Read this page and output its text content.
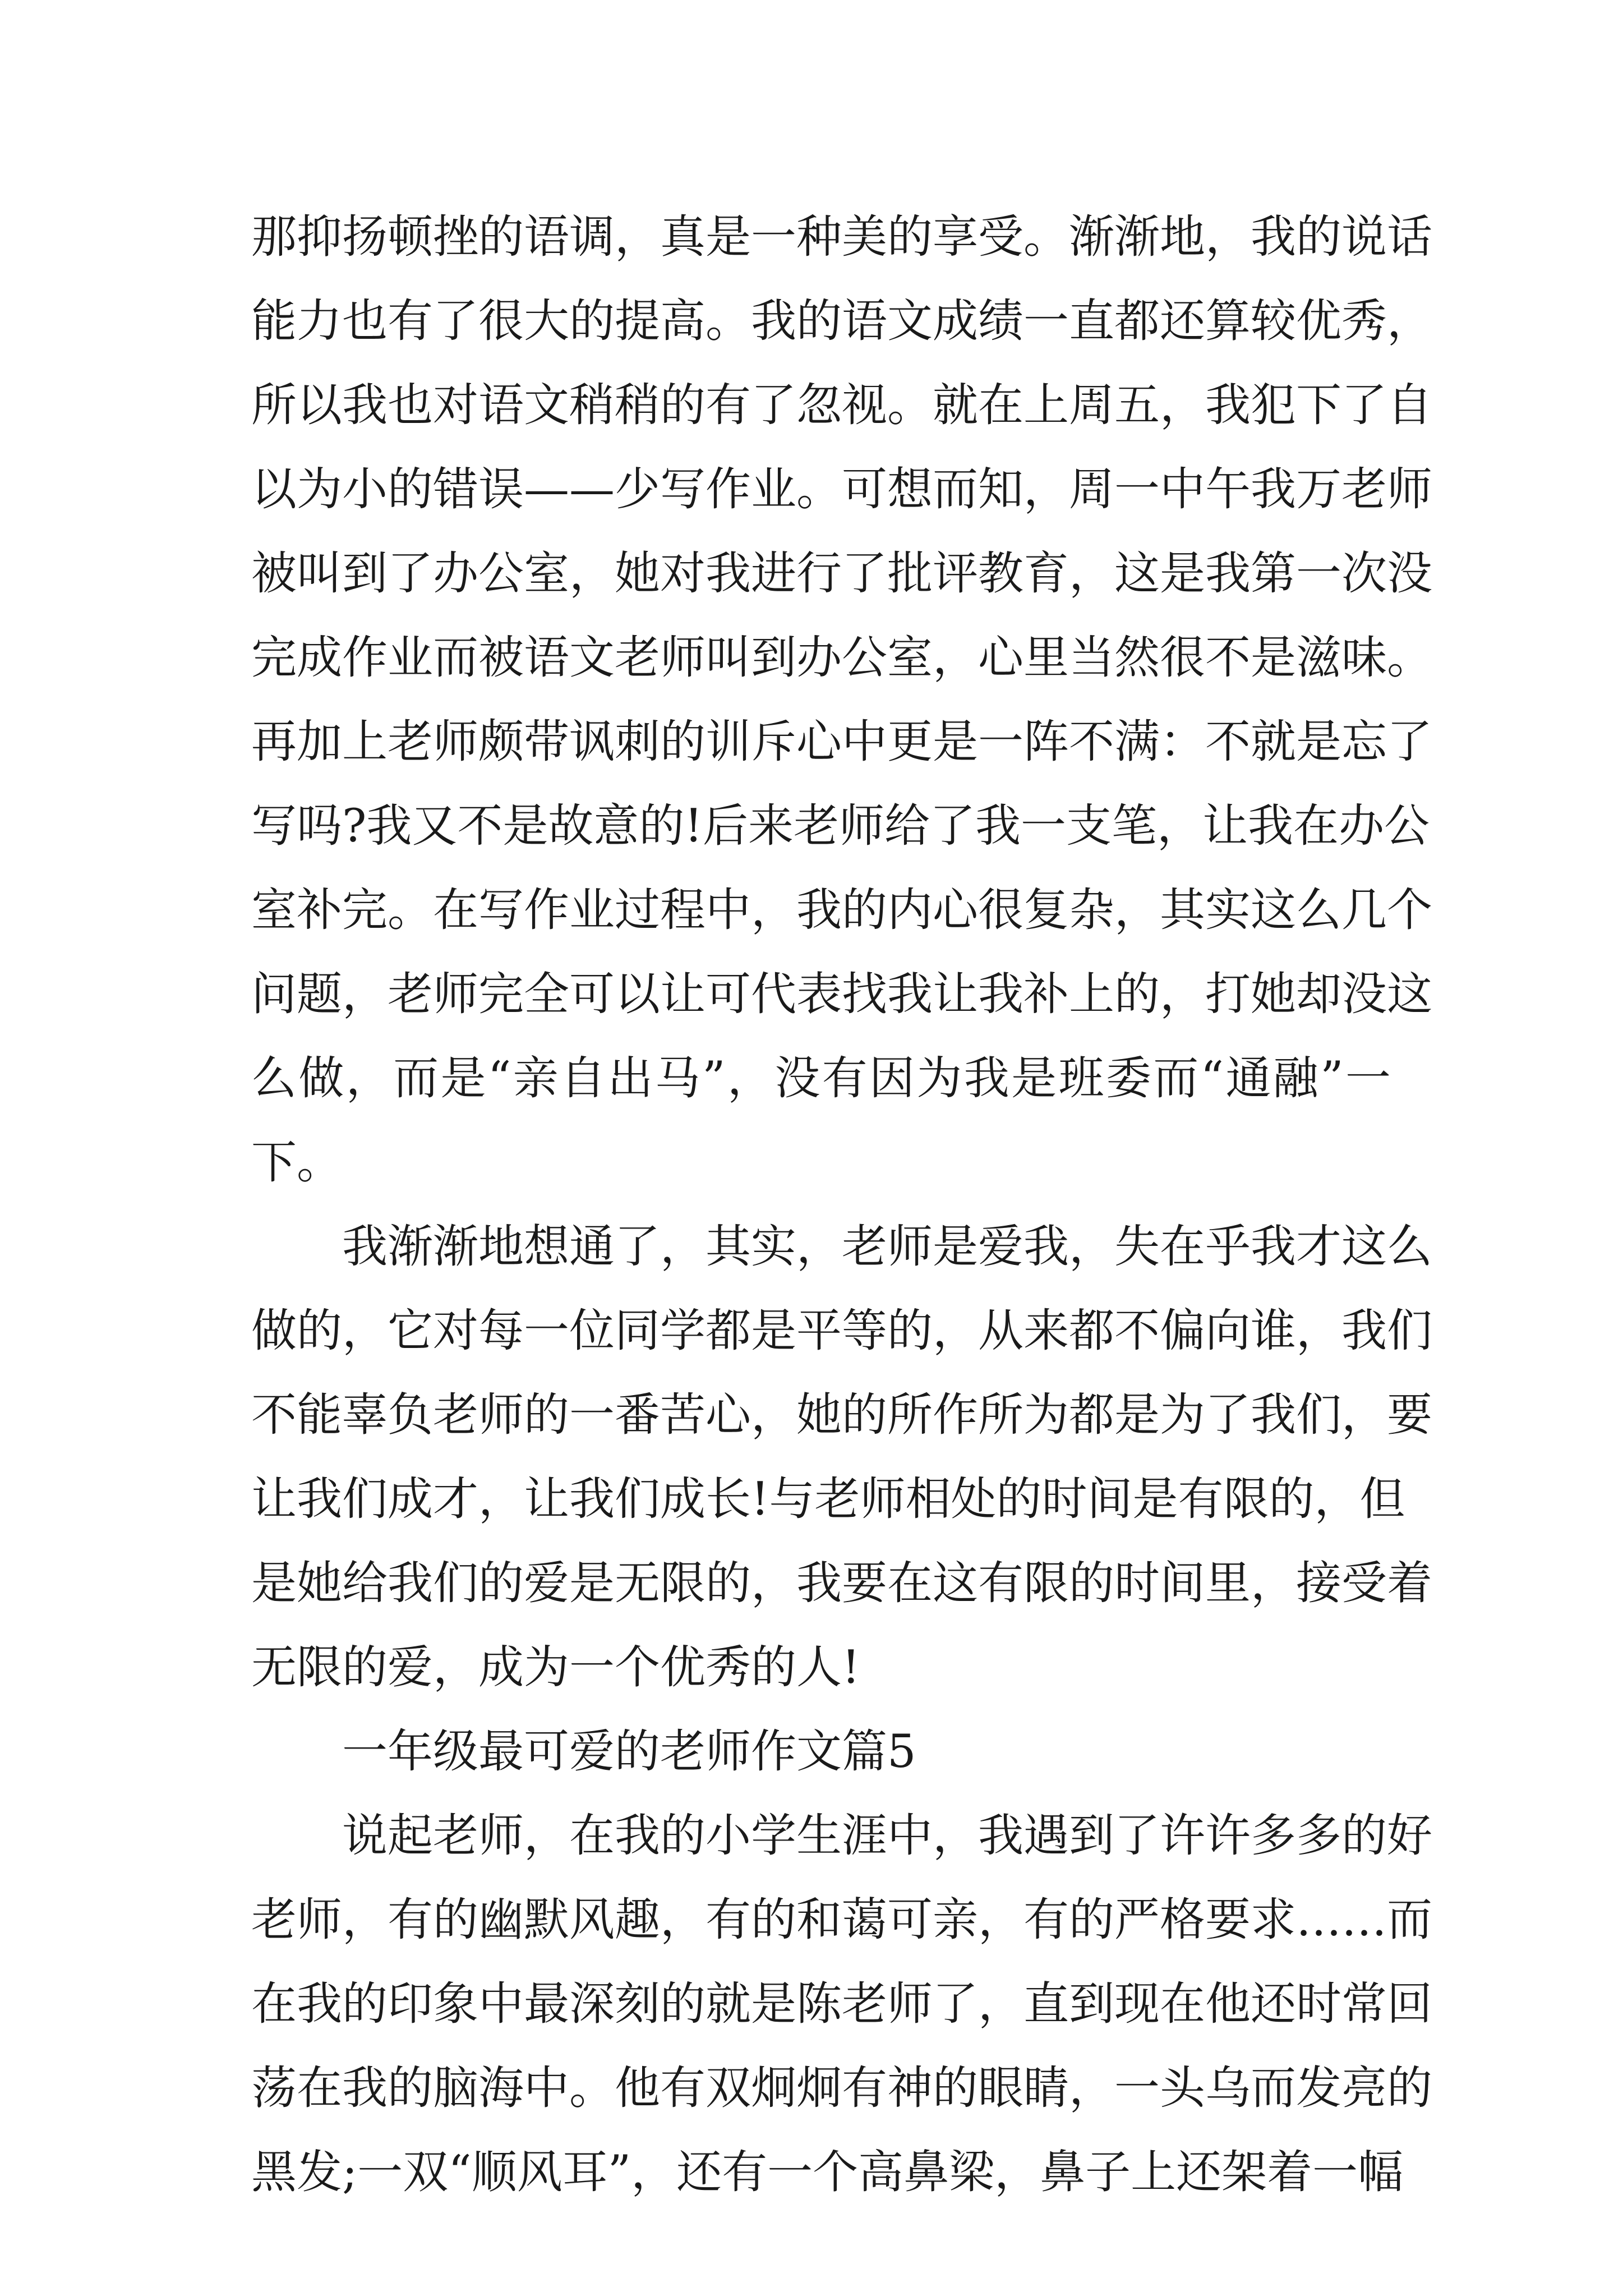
那抑扬顿挫的语调，真是一种美的享受。渐渐地，我的说话
能力也有了很大的提高。我的语文成绩一直都还算较优秀，
所以我也对语文稍稍的有了忽视。就在上周五，我犯下了自
以为小的错误——少写作业。可想而知，周一中午我万老师
被叫到了办公室，她对我进行了批评教育，这是我第一次没
完成作业而被语文老师叫到办公室，心里当然很不是滋味。
再加上老师颇带讽刺的训斥心中更是一阵不满：不就是忘了
写吗?我又不是故意的!后来老师给了我一支笔，让我在办公
室补完。在写作业过程中，我的内心很复杂，其实这么几个
问题，老师完全可以让可代表找我让我补上的，打她却没这
么做，而是“亲自出马”，没有因为我是班委而“通融”一
下。
我渐渐地想通了，其实，老师是爱我，失在乎我才这么
做的，它对每一位同学都是平等的，从来都不偏向谁，我们
不能辜负老师的一番苦心，她的所作所为都是为了我们，要
让我们成才，让我们成长!与老师相处的时间是有限的，但
是她给我们的爱是无限的，我要在这有限的时间里，接受着
无限的爱，成为一个优秀的人!
一年级最可爱的老师作文篇5
说起老师，在我的小学生涯中，我遇到了许许多多的好
老师，有的幽默风趣，有的和蔼可亲，有的严格要求……而
在我的印象中最深刻的就是陈老师了，直到现在他还时常回
荡在我的脑海中。他有双炯炯有神的眼睛，一头乌而发亮的
黑发;一双“顺风耳”，还有一个高鼻梁，鼻子上还架着一幅
